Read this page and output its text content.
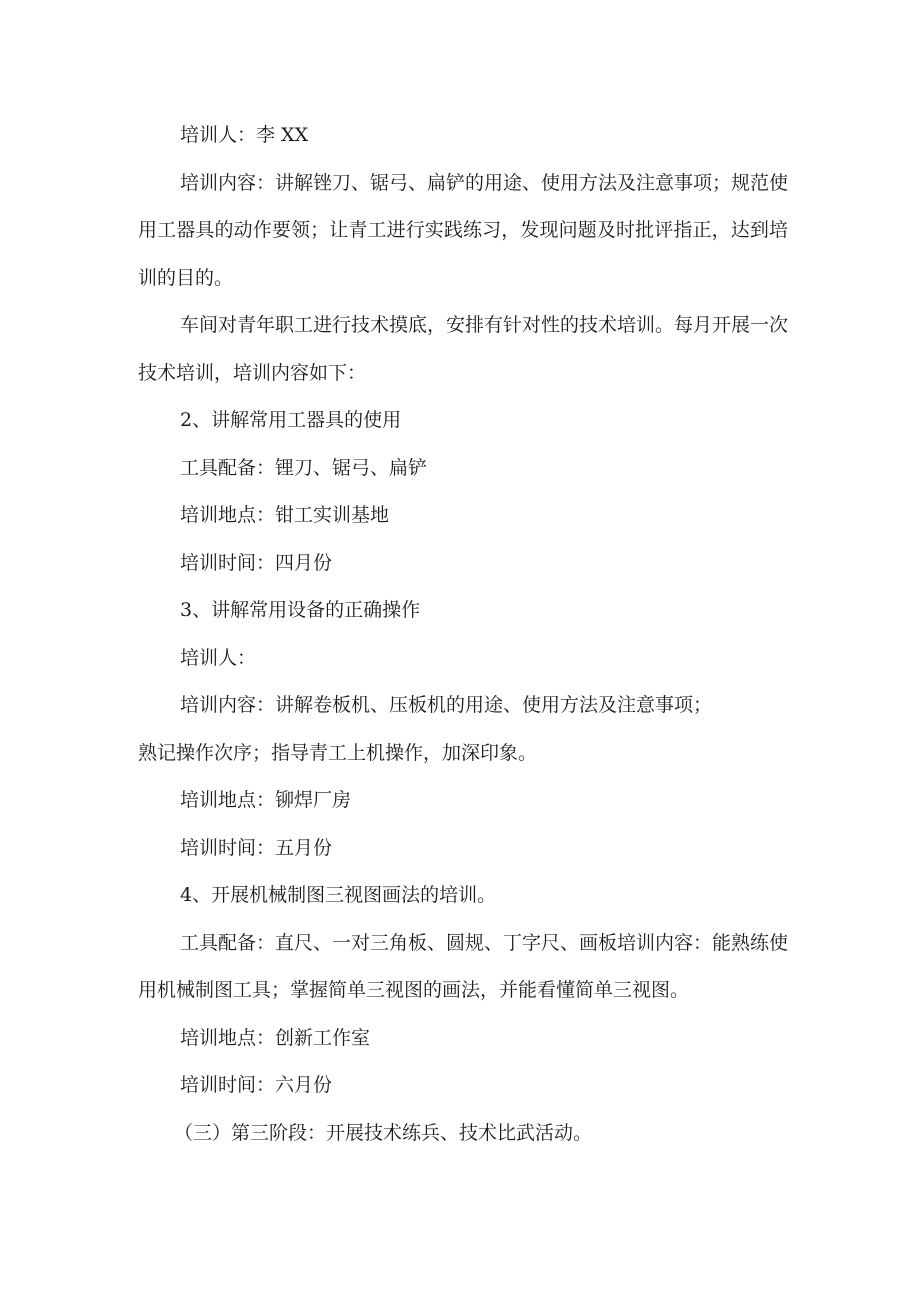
培训人：李 XX

培训内容：讲解锉刀、锯弓、扁铲的用途、使用方法及注意事项；规范使用工器具的动作要领；让青工进行实践练习，发现问题及时批评指正，达到培训的目的。

车间对青年职工进行技术摸底，安排有针对性的技术培训。每月开展一次技术培训，培训内容如下：

2、讲解常用工器具的使用

工具配备：锂刀、锯弓、扁铲

培训地点：钳工实训基地

培训时间：四月份

3、讲解常用设备的正确操作

培训人：

培训内容：讲解卷板机、压板机的用途、使用方法及注意事项；

熟记操作次序；指导青工上机操作，加深印象。

培训地点：铆焊厂房

培训时间：五月份

4、开展机械制图三视图画法的培训。

工具配备：直尺、一对三角板、圆规、丁字尺、画板培训内容：能熟练使用机械制图工具；掌握简单三视图的画法，并能看懂简单三视图。

培训地点：创新工作室

培训时间：六月份

（三）第三阶段：开展技术练兵、技术比武活动。
